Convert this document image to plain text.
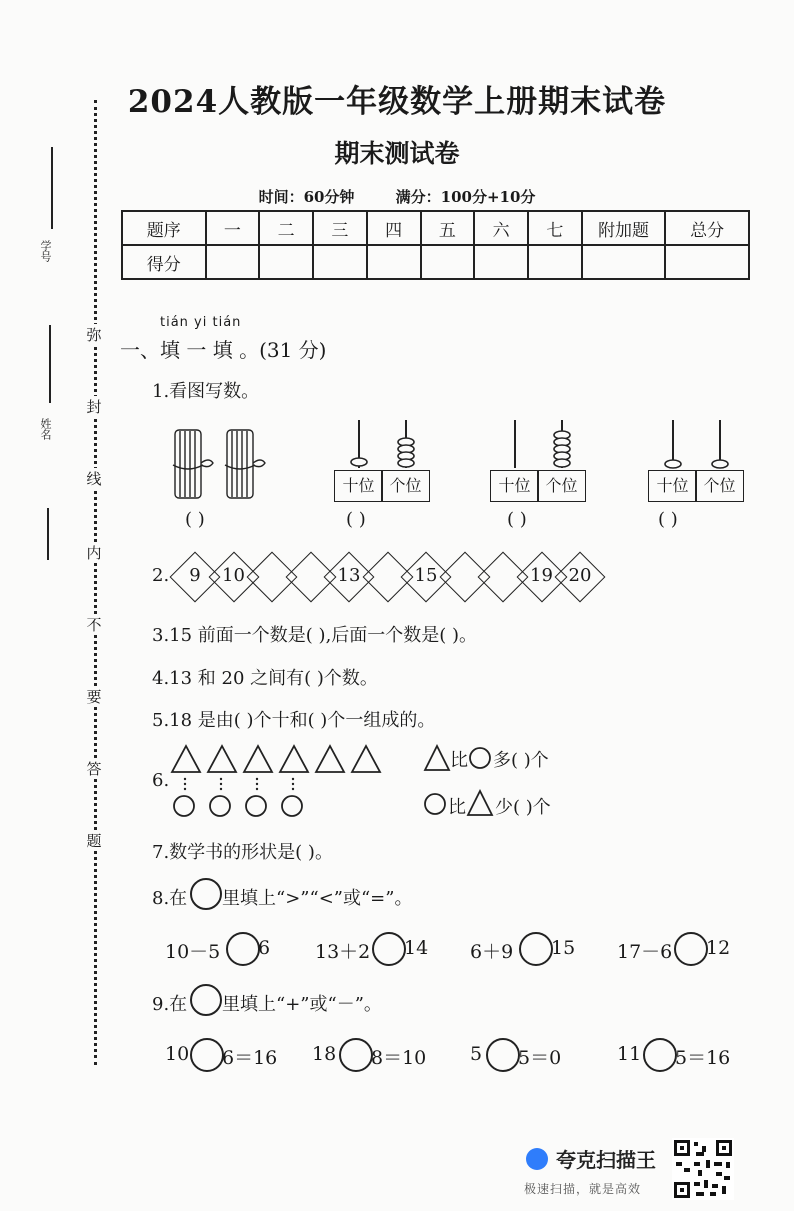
2024人教版一年级数学上册期末试卷
期末测试卷
时间：60分钟	满分：100分+10分
题序	一	二	三	四	五	六	七	附加题	总分
得分									
弥
封
线
内
不
要
答
题
学号
姓名
tián yi tián
一、填 一 填 。(31 分)
1.看图写数。
( )
十位 个位
( )
十位 个位
( )
十位 个位
( )
2.	9	10	13	15	19 20
3.15 前面一个数是( ),后面一个数是( )。
4.13 和 20 之间有( )个数。
5.18 是由( )个十和( )个一组成的。
6.
比 多( )个
比 少( )个
7.数学书的形状是( )。
8.在 里填上“>”“<”或“=”。
10－5 6 13＋2 14 6＋9 15 17－6 12
9.在 里填上“+”或“－”。
10 6＝16 18 8＝10 5 5＝0	11 5＝16
夸克扫描王
极速扫描，就是高效
